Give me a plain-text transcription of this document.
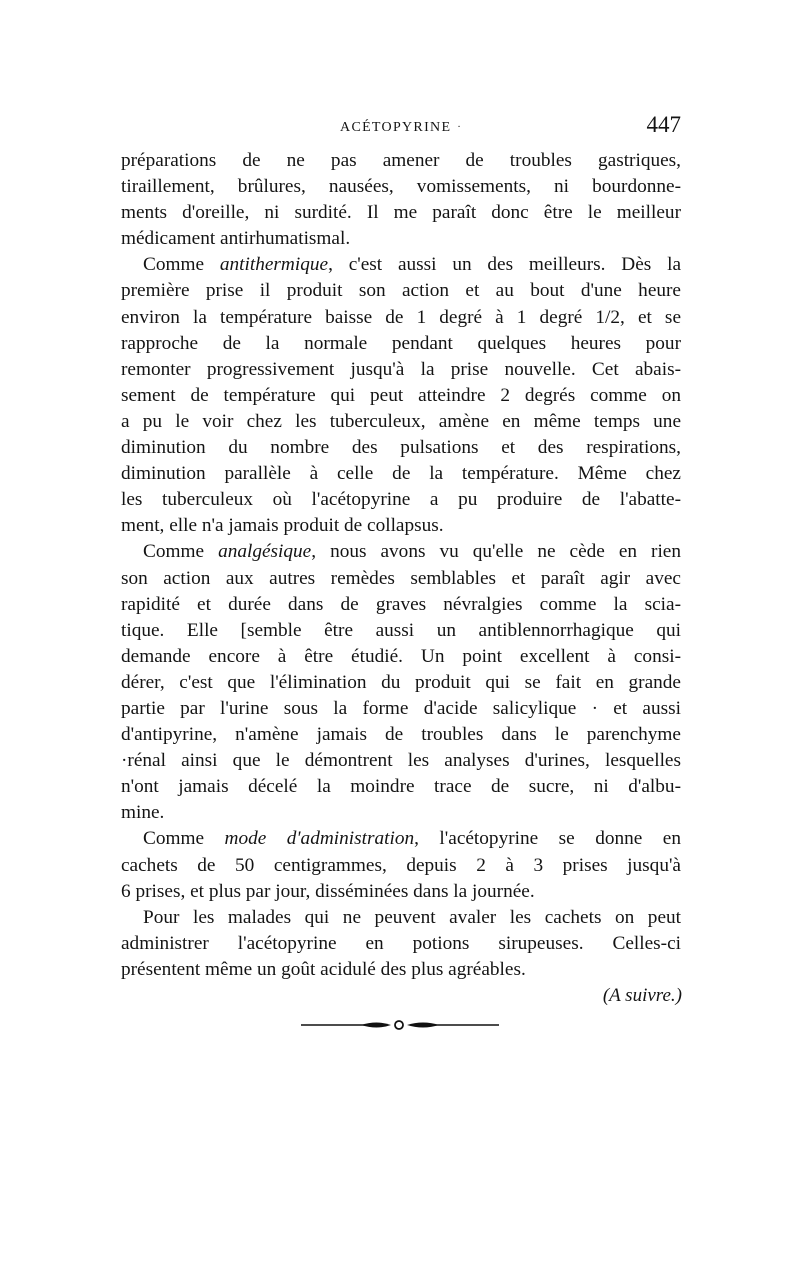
ACÉTOPYRINE ·	447
préparations de ne pas amener de troubles gastriques,
tiraillement, brûlures, nausées, vomissements, ni bourdonne-
ments d'oreille, ni surdité. Il me paraît donc être le meilleur
médicament antirhumatismal.
Comme antithermique, c'est aussi un des meilleurs. Dès la
première prise il produit son action et au bout d'une heure
environ la température baisse de 1 degré à 1 degré 1/2, et se
rapproche de la normale pendant quelques heures pour
remonter progressivement jusqu'à la prise nouvelle. Cet abais-
sement de température qui peut atteindre 2 degrés comme on
a pu le voir chez les tuberculeux, amène en même temps une
diminution du nombre des pulsations et des respirations,
diminution parallèle à celle de la température. Même chez
les tuberculeux où l'acétopyrine a pu produire de l'abatte-
ment, elle n'a jamais produit de collapsus.
Comme analgésique, nous avons vu qu'elle ne cède en rien
son action aux autres remèdes semblables et paraît agir avec
rapidité et durée dans de graves névralgies comme la scia-
tique. Elle [semble être aussi un antiblennorrhagique qui
demande encore à être étudié. Un point excellent à consi-
dérer, c'est que l'élimination du produit qui se fait en grande
partie par l'urine sous la forme d'acide salicylique · et aussi
d'antipyrine, n'amène jamais de troubles dans le parenchyme
·rénal ainsi que le démontrent les analyses d'urines, lesquelles
n'ont jamais décelé la moindre trace de sucre, ni d'albu-
mine.
Comme mode d'administration, l'acétopyrine se donne en
cachets de 50 centigrammes, depuis 2 à 3 prises jusqu'à
6 prises, et plus par jour, disséminées dans la journée.
Pour les malades qui ne peuvent avaler les cachets on peut
administrer l'acétopyrine en potions sirupeuses. Celles-ci
présentent même un goût acidulé des plus agréables.
(A suivre.)
